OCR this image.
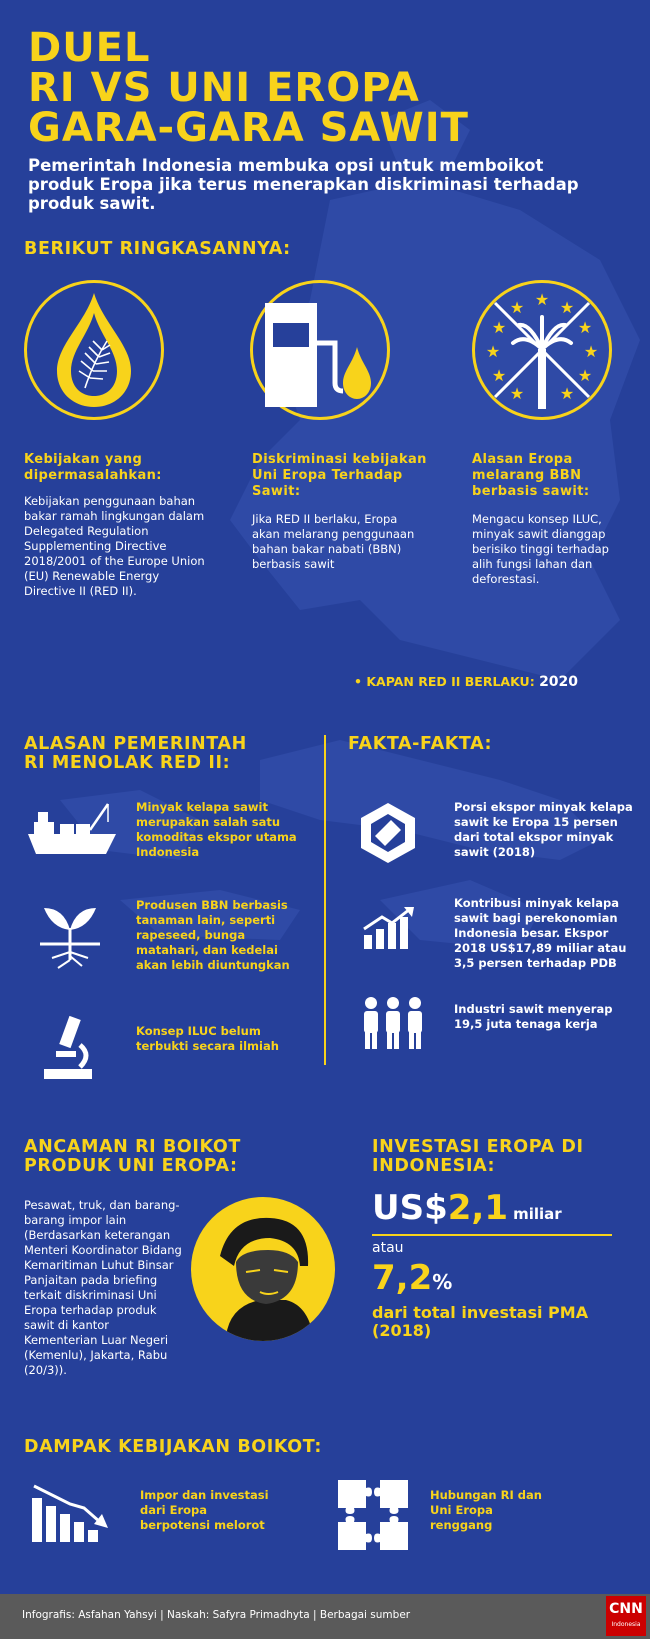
DUEL
RI VS UNI EROPA
GARA-GARA SAWIT
Pemerintah Indonesia membuka opsi untuk memboikot produk Eropa jika terus menerapkan diskriminasi terhadap produk sawit.
BERIKUT RINGKASANNYA:
★ ★
★
★
★
★
★
★
★
★
★
Kebijakan yang dipermasalahkan:
Kebijakan penggunaan bahan bakar ramah lingkungan dalam Delegated Regulation Supplementing Directive 2018/2001 of the Europe Union (EU) Renewable Energy Directive II (RED II).
Diskriminasi kebijakan Uni Eropa Terhadap Sawit:
Jika RED II berlaku, Eropa akan melarang penggunaan bahan bakar nabati (BBN) berbasis sawit
Alasan Eropa melarang BBN berbasis sawit:
Mengacu konsep ILUC, minyak sawit dianggap berisiko tinggi terhadap alih fungsi lahan dan deforestasi.
• KAPAN RED II BERLAKU: 2020
ALASAN PEMERINTAH
RI MENOLAK RED II:
FAKTA-FAKTA:
Minyak kelapa sawit merupakan salah satu komoditas ekspor utama Indonesia
Produsen BBN berbasis tanaman lain, seperti rapeseed, bunga matahari, dan kedelai akan lebih diuntungkan
Konsep ILUC belum terbukti secara ilmiah
Porsi ekspor minyak kelapa sawit ke Eropa 15 persen dari total ekspor minyak sawit (2018)
Kontribusi minyak kelapa sawit bagi perekonomian Indonesia besar. Ekspor 2018 US$17,89 miliar atau 3,5 persen terhadap PDB
Industri sawit menyerap 19,5 juta tenaga kerja
ANCAMAN RI BOIKOT
PRODUK UNI EROPA:
Pesawat, truk, dan barang-barang impor lain (Berdasarkan keterangan Menteri Koordinator Bidang Kemaritiman Luhut Binsar Panjaitan pada briefing terkait diskriminasi Uni Eropa terhadap produk sawit di kantor Kementerian Luar Negeri (Kemenlu), Jakarta, Rabu (20/3)).
INVESTASI EROPA DI
INDONESIA:
US$2,1 miliar
atau
7,2%
dari total investasi PMA (2018)
DAMPAK KEBIJAKAN BOIKOT:
Impor dan investasi dari Eropa berpotensi melorot
Hubungan RI dan Uni Eropa renggang
Infografis: Asfahan Yahsyi | Naskah: Safyra Primadhyta | Berbagai sumber	CNN
Indonesia
